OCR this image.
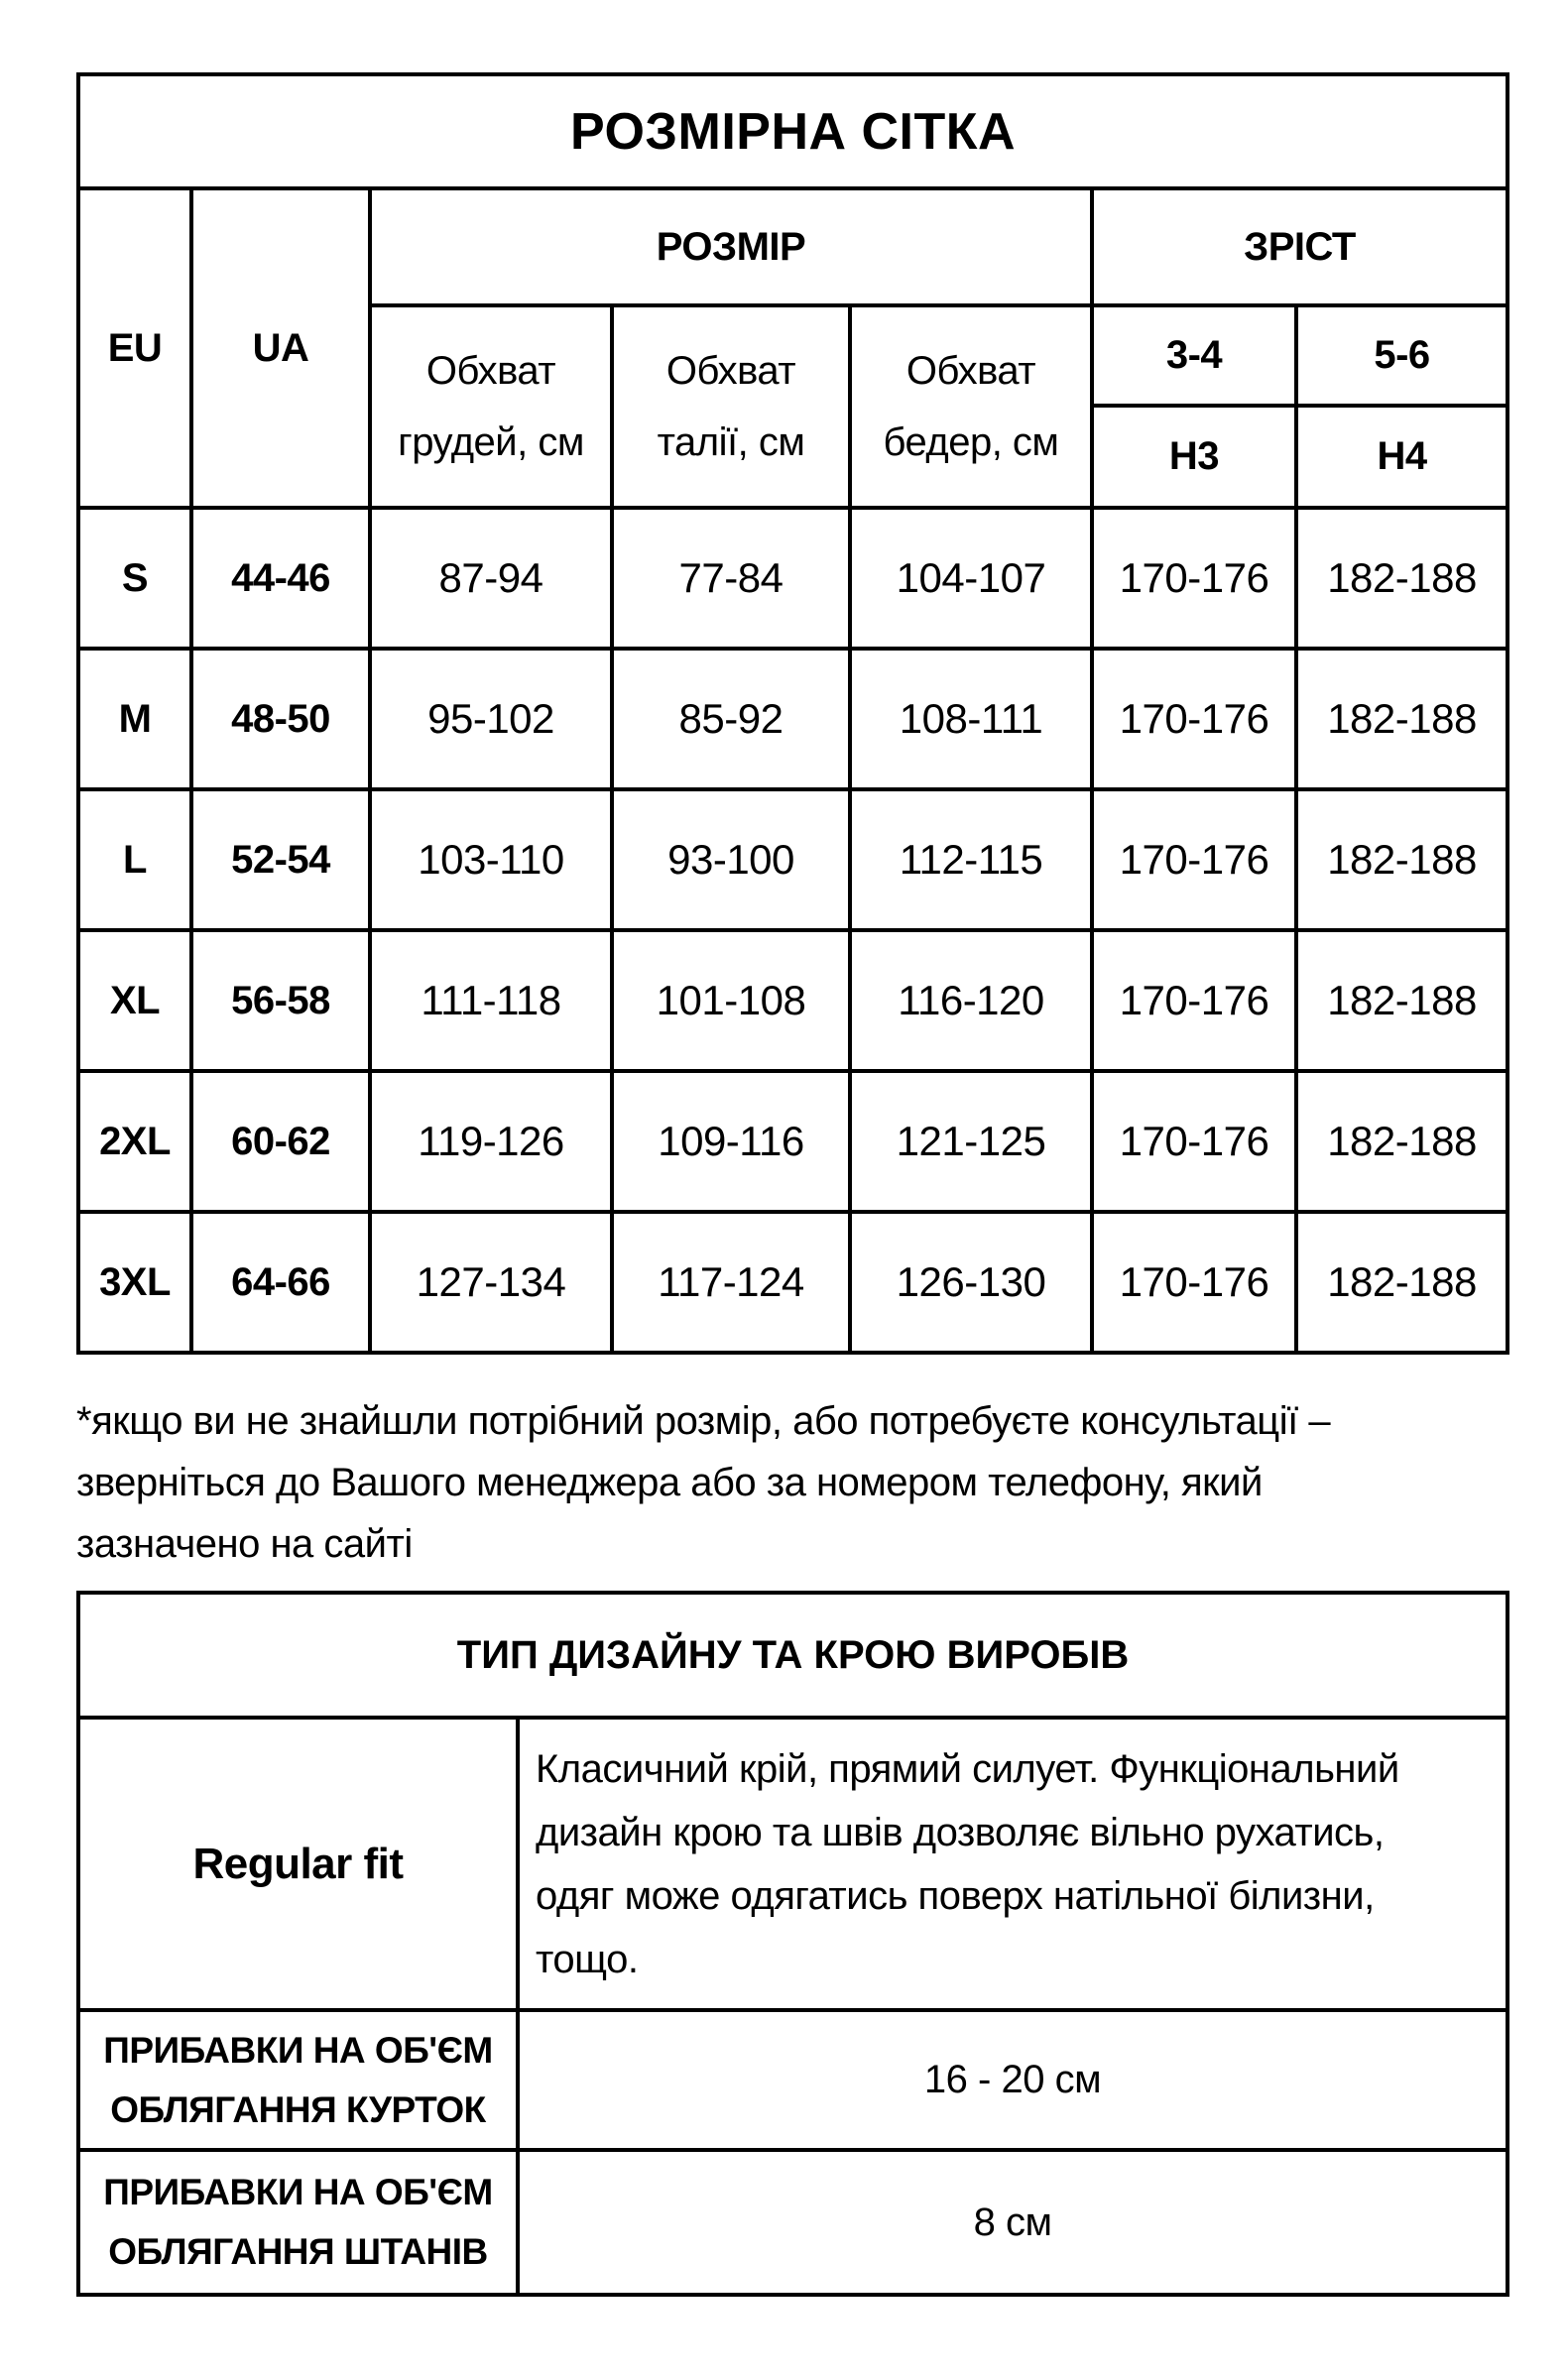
РОЗМІРНА СІТКА						
EU	UA	РОЗМІР			ЗРІСТ	
		Обхват грудей, см	Обхват талії, см	Обхват бедер, см	3-4	5-6
					Н3	Н4
S	44-46	87-94	77-84	104-107	170-176	182-188
M	48-50	95-102	85-92	108-111	170-176	182-188
L	52-54	103-110	93-100	112-115	170-176	182-188
XL	56-58	111-118	101-108	116-120	170-176	182-188
2XL	60-62	119-126	109-116	121-125	170-176	182-188
3XL	64-66	127-134	117-124	126-130	170-176	182-188
*якщо ви не знайшли потрібний розмір, або потребуєте консультації –
зверніться до Вашого менеджера або за номером телефону, який
зазначено на сайті
ТИП ДИЗАЙНУ ТА КРОЮ ВИРОБІВ	
Regular fit	Класичний крій, прямий силует. Функціональний
дизайн крою та швів дозволяє вільно рухатись,
одяг може одягатись поверх натільної білизни,
тощо.

ПРИБАВКИ НА ОБ'ЄМ ОБЛЯГАННЯ КУРТОК	16 - 20 см
ПРИБАВКИ НА ОБ'ЄМ ОБЛЯГАННЯ ШТАНІВ	8 см
